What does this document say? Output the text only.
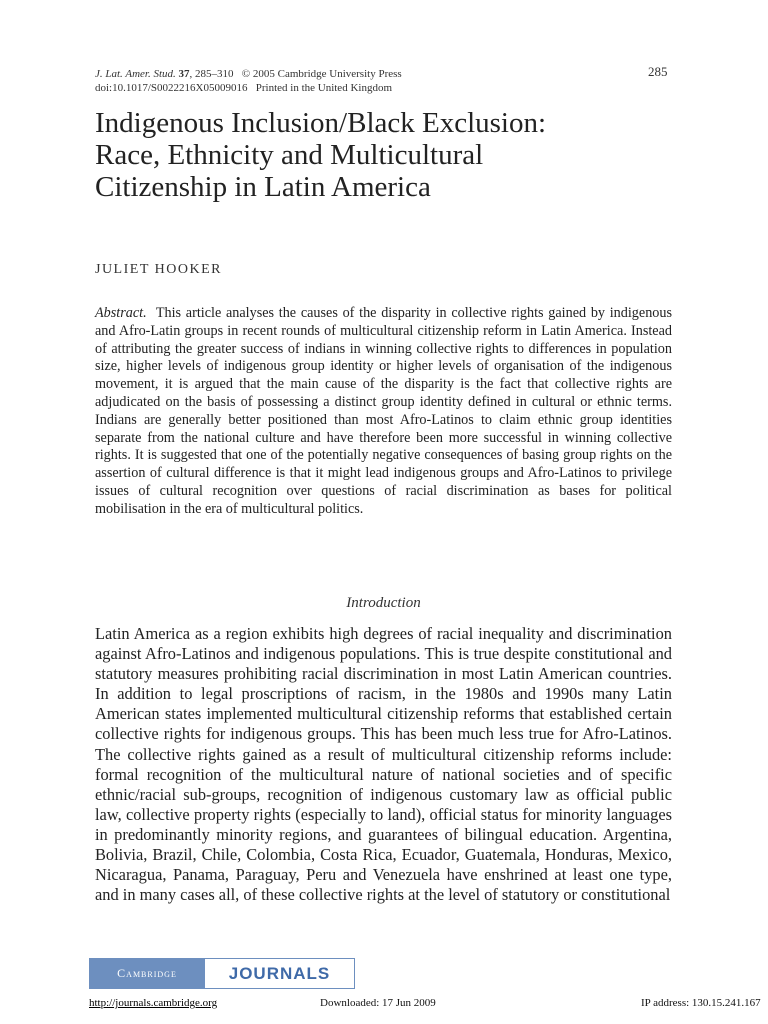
J. Lat. Amer. Stud. 37, 285–310 © 2005 Cambridge University Press
doi:10.1017/S0022216X05009016 Printed in the United Kingdom
285
Indigenous Inclusion/Black Exclusion:
Race, Ethnicity and Multicultural
Citizenship in Latin America
JULIET HOOKER

Abstract. This article analyses the causes of the disparity in collective rights gained by indigenous and Afro-Latin groups in recent rounds of multicultural citizenship reform in Latin America. Instead of attributing the greater success of indians in winning collective rights to differences in population size, higher levels of indigenous group identity or higher levels of organisation of the indigenous movement, it is argued that the main cause of the disparity is the fact that collective rights are adjudicated on the basis of possessing a distinct group identity defined in cultural or ethnic terms. Indians are generally better positioned than most Afro-Latinos to claim ethnic group identities separate from the national culture and have therefore been more successful in winning collective rights. It is suggested that one of the potentially negative consequences of basing group rights on the assertion of cultural difference is that it might lead indigenous groups and Afro-Latinos to privilege issues of cultural recognition over questions of racial discrimination as bases for political mobilisation in the era of multicultural politics.

Introduction

Latin America as a region exhibits high degrees of racial inequality and discrimination against Afro-Latinos and indigenous populations. This is true despite constitutional and statutory measures prohibiting racial discrimination in most Latin American countries. In addition to legal proscriptions of racism, in the 1980s and 1990s many Latin American states implemented multicultural citizenship reforms that established certain collective rights for indigenous groups. This has been much less true for Afro-Latinos. The collective rights gained as a result of multicultural citizenship reforms include: formal recognition of the multicultural nature of national societies and of specific ethnic/racial sub-groups, recognition of indigenous customary law as official public law, collective property rights (especially to land), official status for minority languages in predominantly minority regions, and guarantees of bilingual education. Argentina, Bolivia, Brazil, Chile, Colombia, Costa Rica, Ecuador, Guatemala, Honduras, Mexico, Nicaragua, Panama, Paraguay, Peru and Venezuela have enshrined at least one type, and in many cases all, of these collective rights at the level of statutory or constitutional

Cambridge	JOURNALS
http://journals.cambridge.org	Downloaded: 17 Jun 2009	IP address: 130.15.241.167
